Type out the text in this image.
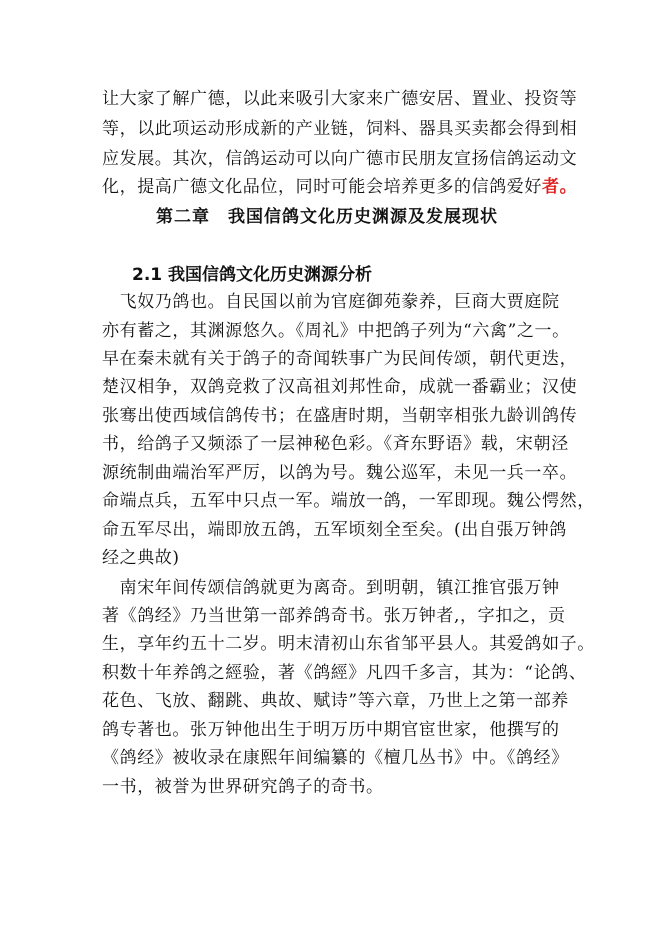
让大家了解广德，以此来吸引大家来广德安居、置业、投资等
等，以此项运动形成新的产业链，饲料、器具买卖都会得到相
应发展。其次，信鸽运动可以向广德市民朋友宣扬信鸽运动文
化，提高广德文化品位，同时可能会培养更多的信鸽爱好者。
第二章　我国信鸽文化历史渊源及发展现状
2.1 我国信鸽文化历史渊源分析
　飞奴乃鸽也。自民国以前为官庭御苑豢养，巨商大贾庭院
亦有蓄之，其渊源悠久。《周礼》中把鸽子列为“六禽”之一。
早在秦未就有关于鸽子的奇闻轶事广为民间传颂，朝代更迭，
楚汉相争，双鸽竞救了汉高祖刘邦性命，成就一番霸业；汉使
张骞出使西域信鸽传书；在盛唐时期，当朝宰相张九龄训鸽传
书，给鸽子又频添了一层神秘色彩。《斉东野语》载，宋朝泾
源统制曲端治军严厉，以鸽为号。魏公巡军，未见一兵一卒。
命端点兵，五军中只点一军。端放一鸽，一军即现。魏公愕然，
命五军尽出，端即放五鸽，五军顷刻全至矣。(出自張万钟鸽
经之典故)
　南宋年间传颂信鸽就更为离奇。到明朝，镇江推官張万钟
著《鸽经》乃当世第一部养鸽奇书。张万钟者,，字扣之，贡
生，享年约五十二岁。明末清初山东省邹平县人。其爱鸽如子。
积数十年养鸽之經验，著《鸽經》凡四千多言，其为：“论鸽、
花色、飞放、翻跳、典故、赋诗”等六章，乃世上之第一部养
鸽专著也。张万钟他出生于明万历中期官宦世家，他撰写的
《鸽经》被收录在康熙年间编纂的《檀几丛书》中。《鸽经》
一书，被誉为世界研究鸽子的奇书。
